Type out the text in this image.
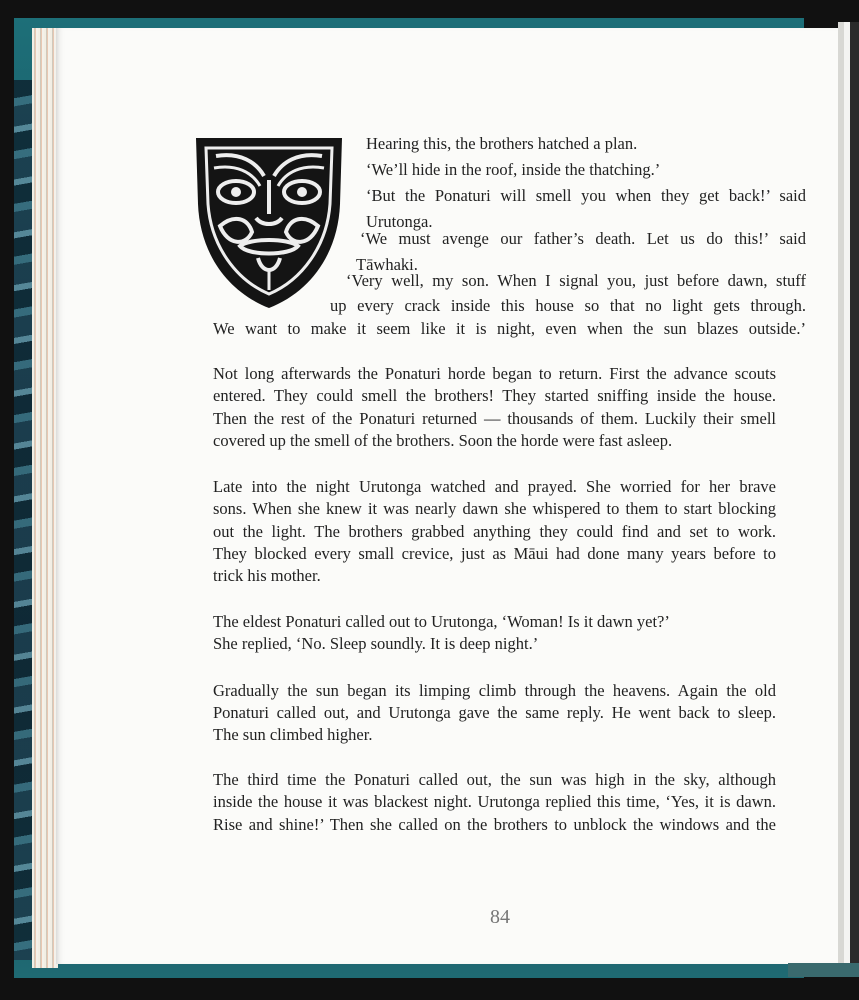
Hearing this, the brothers hatched a plan.

‘We’ll hide in the roof, inside the thatching.’

‘But the Ponaturi will smell you when they get back!’ said

Urutonga.

‘We must avenge our father’s death. Let us do this!’ said

Tāwhaki.

‘Very well, my son. When I signal you, just before dawn, stuff

up every crack inside this house so that no light gets through.

We want to make it seem like it is night, even when the sun blazes outside.’

Not long afterwards the Ponaturi horde began to return. First the advance scouts

entered. They could smell the brothers! They started sniffing inside the house.

Then the rest of the Ponaturi returned — thousands of them. Luckily their smell

covered up the smell of the brothers. Soon the horde were fast asleep.

Late into the night Urutonga watched and prayed. She worried for her brave

sons. When she knew it was nearly dawn she whispered to them to start blocking

out the light. The brothers grabbed anything they could find and set to work.

They blocked every small crevice, just as Māui had done many years before to

trick his mother.

The eldest Ponaturi called out to Urutonga, ‘Woman! Is it dawn yet?’

She replied, ‘No. Sleep soundly. It is deep night.’

Gradually the sun began its limping climb through the heavens. Again the old

Ponaturi called out, and Urutonga gave the same reply. He went back to sleep.

The sun climbed higher.

The third time the Ponaturi called out, the sun was high in the sky, although

inside the house it was blackest night. Urutonga replied this time, ‘Yes, it is dawn.

Rise and shine!’ Then she called on the brothers to unblock the windows and the

84
